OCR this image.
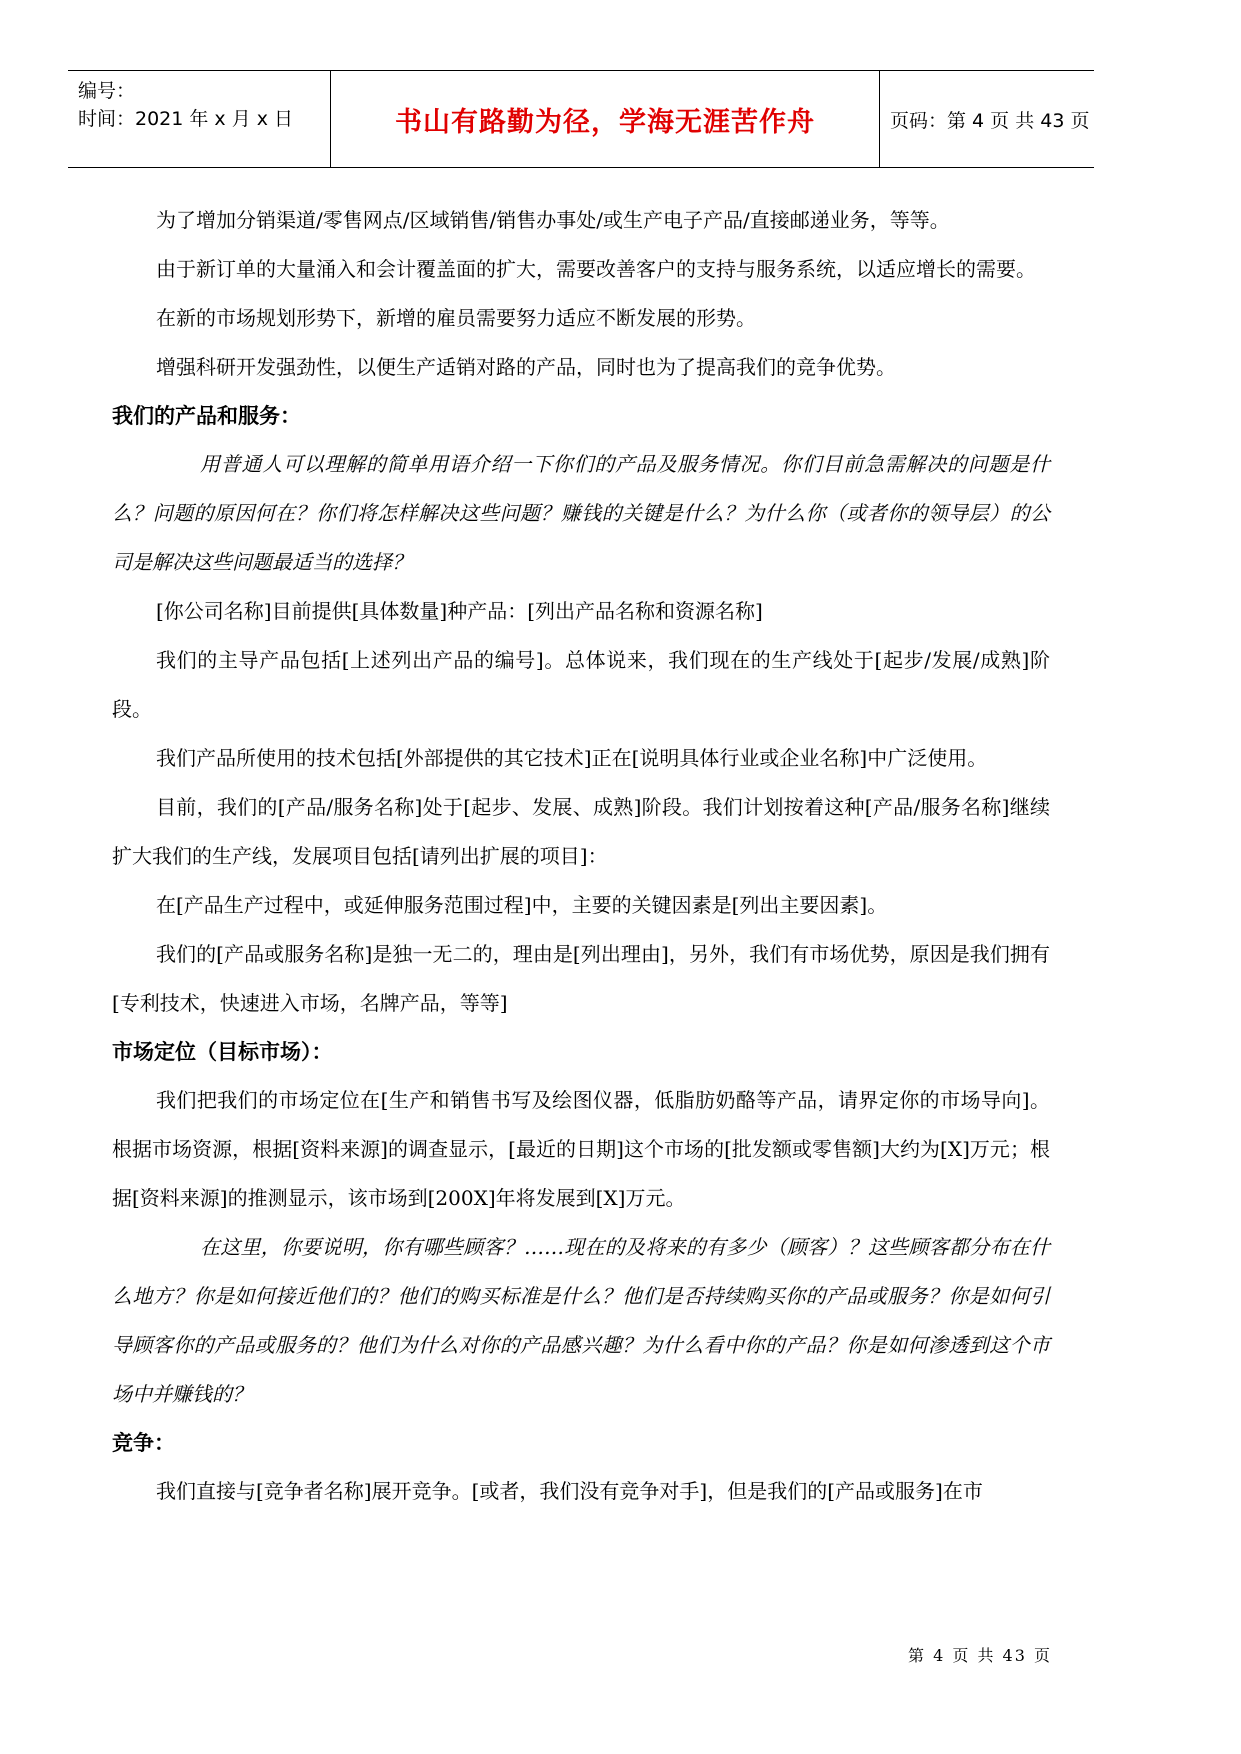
编号：
时间：2021 年 x 月 x 日	书山有路勤为径，学海无涯苦作舟	页码：第 4 页 共 43 页

为了增加分销渠道/零售网点/区域销售/销售办事处/或生产电子产品/直接邮递业务，等等。

由于新订单的大量涌入和会计覆盖面的扩大，需要改善客户的支持与服务系统，以适应增长的需要。

在新的市场规划形势下，新增的雇员需要努力适应不断发展的形势。

增强科研开发强劲性，以便生产适销对路的产品，同时也为了提高我们的竞争优势。

我们的产品和服务：

用普通人可以理解的简单用语介绍一下你们的产品及服务情况。你们目前急需解决的问题是什么？问题的原因何在？你们将怎样解决这些问题？赚钱的关键是什么？为什么你（或者你的领导层）的公司是解决这些问题最适当的选择？

[你公司名称]目前提供[具体数量]种产品：[列出产品名称和资源名称]

我们的主导产品包括[上述列出产品的编号]。总体说来，我们现在的生产线处于[起步/发展/成熟]阶段。

我们产品所使用的技术包括[外部提供的其它技术]正在[说明具体行业或企业名称]中广泛使用。

目前，我们的[产品/服务名称]处于[起步、发展、成熟]阶段。我们计划按着这种[产品/服务名称]继续扩大我们的生产线，发展项目包括[请列出扩展的项目]：

在[产品生产过程中，或延伸服务范围过程]中，主要的关键因素是[列出主要因素]。

我们的[产品或服务名称]是独一无二的，理由是[列出理由]，另外，我们有市场优势，原因是我们拥有[专利技术，快速进入市场，名牌产品，等等]

市场定位（目标市场）：

我们把我们的市场定位在[生产和销售书写及绘图仪器，低脂肪奶酪等产品，请界定你的市场导向]。根据市场资源，根据[资料来源]的调查显示，[最近的日期]这个市场的[批发额或零售额]大约为[X]万元；根据[资料来源]的推测显示，该市场到[200X]年将发展到[X]万元。

在这里，你要说明，你有哪些顾客？……现在的及将来的有多少（顾客）？这些顾客都分布在什么地方？你是如何接近他们的？他们的购买标准是什么？他们是否持续购买你的产品或服务？你是如何引导顾客你的产品或服务的？他们为什么对你的产品感兴趣？为什么看中你的产品？你是如何渗透到这个市场中并赚钱的？

竞争：

我们直接与[竞争者名称]展开竞争。[或者，我们没有竞争对手]，但是我们的[产品或服务]在市

第 4 页 共 43 页
